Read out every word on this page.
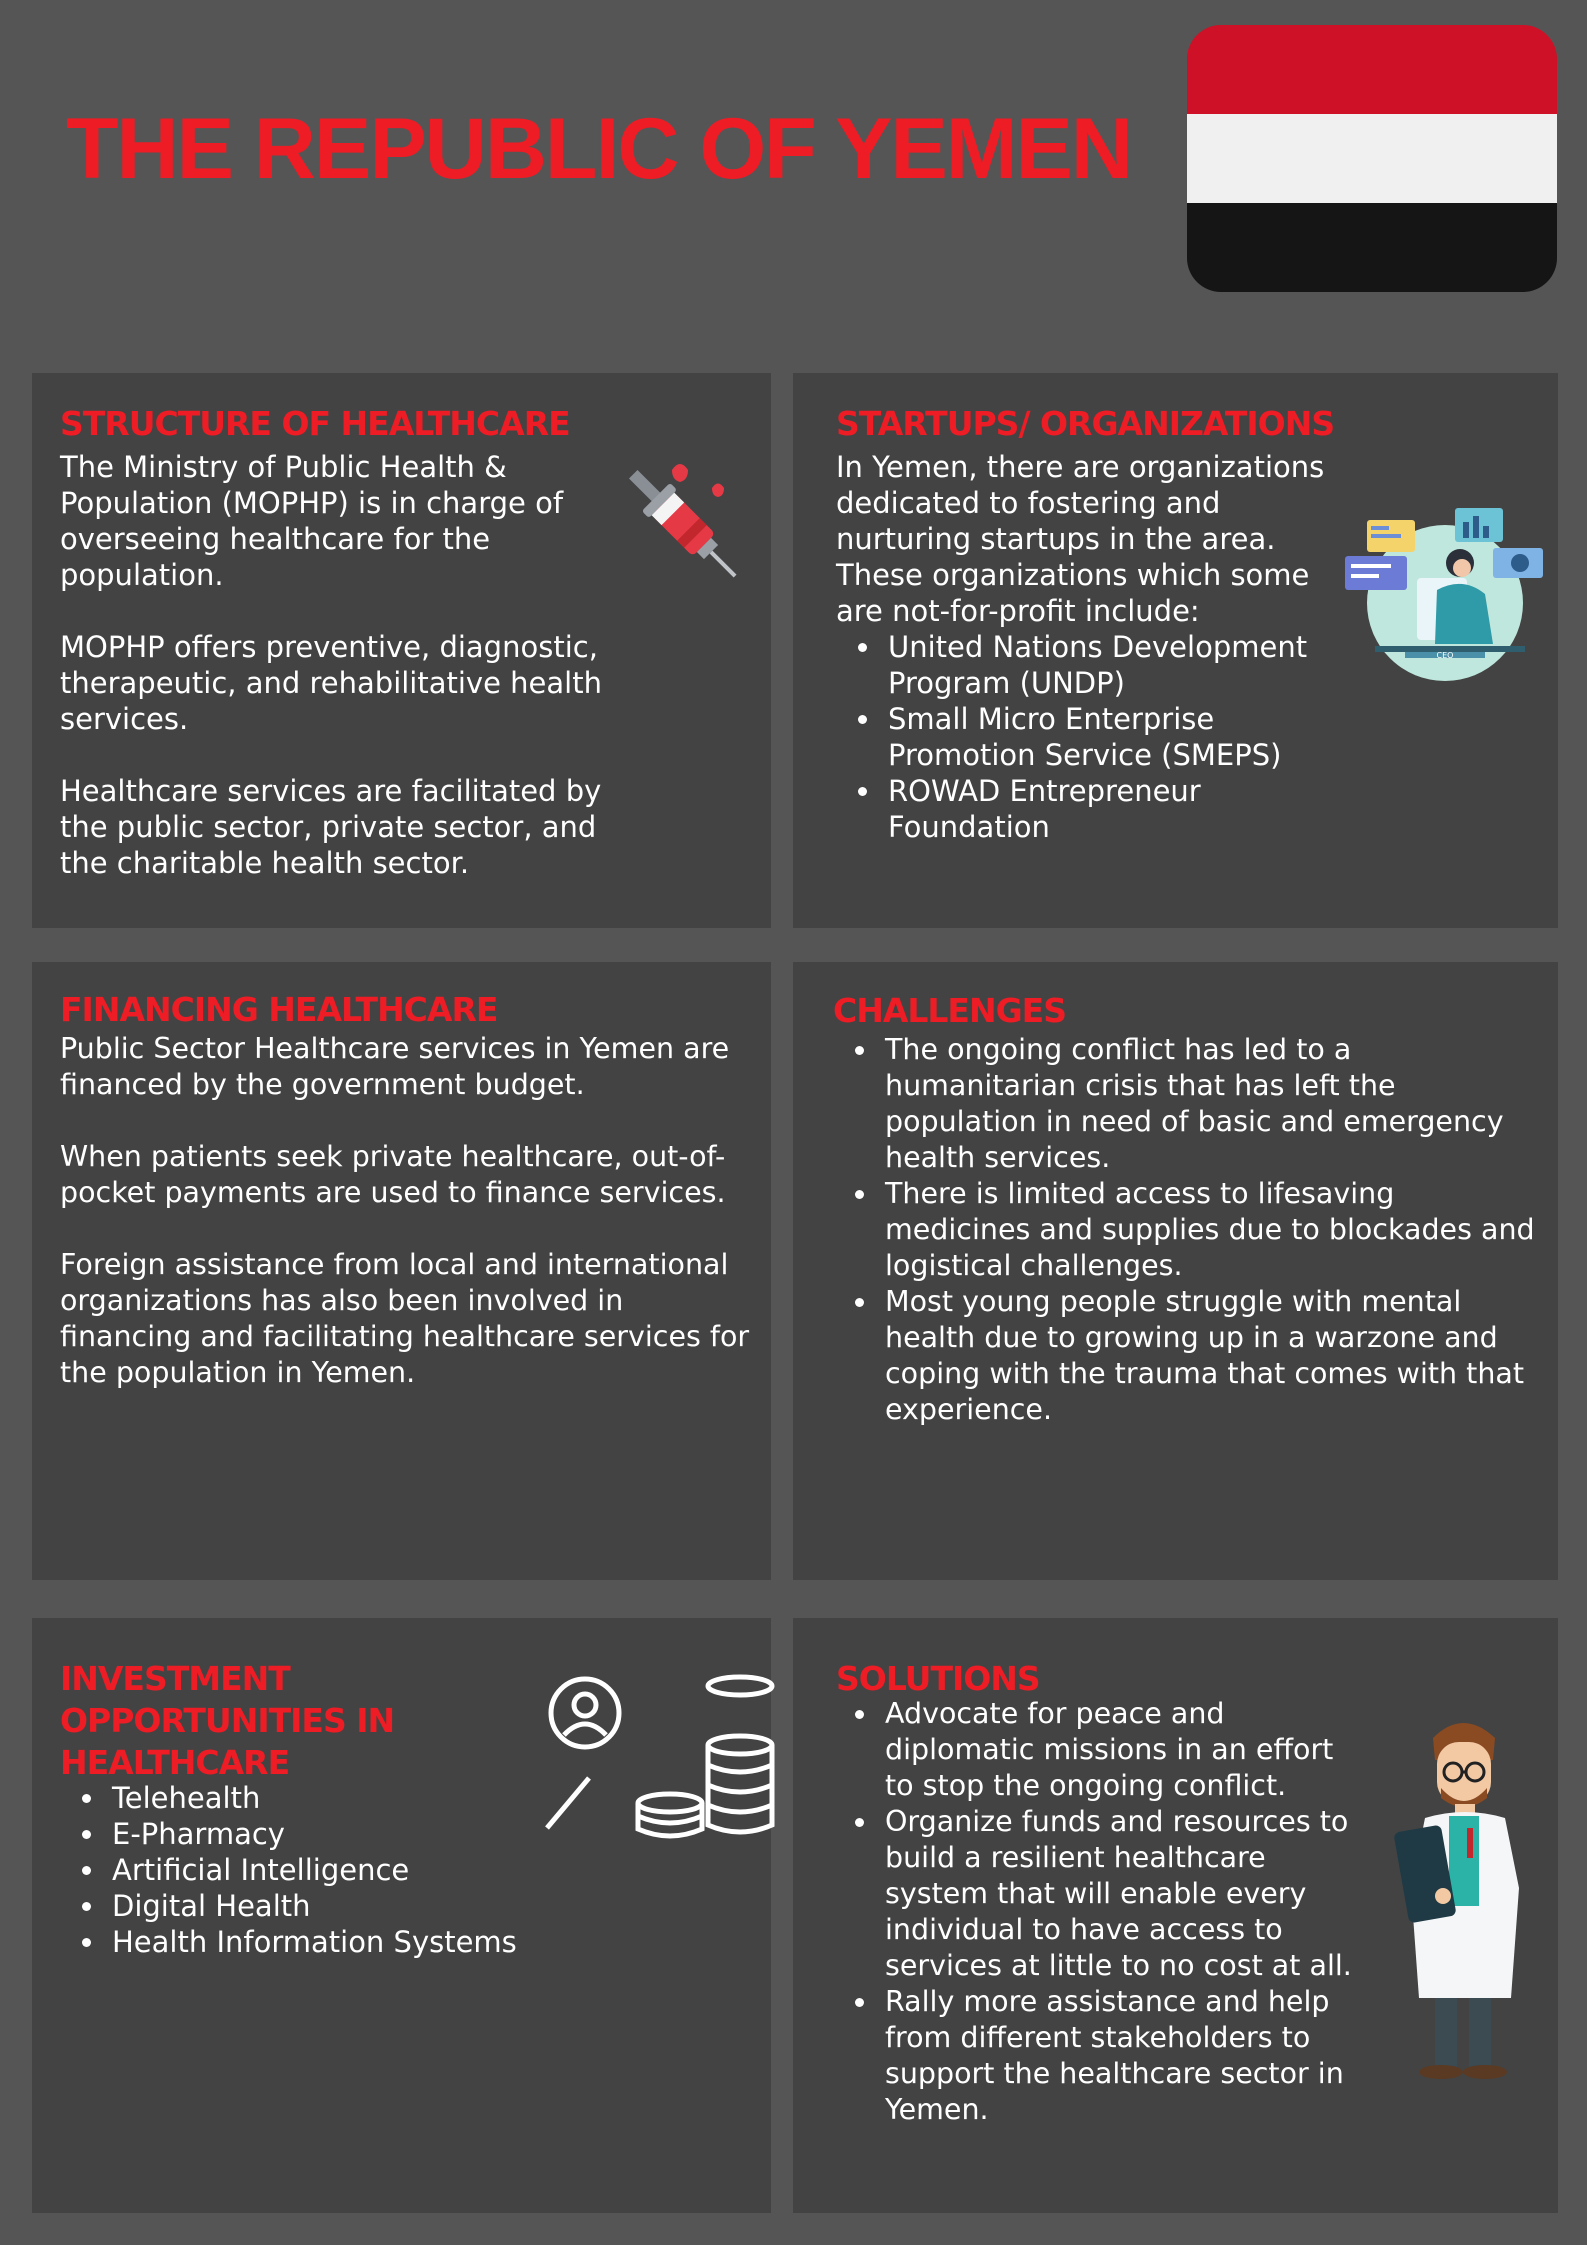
THE REPUBLIC OF YEMEN
STRUCTURE OF HEALTHCARE

The Ministry of Public Health & Population (MOPHP) is in charge of overseeing healthcare for the population.

MOPHP offers preventive, diagnostic, therapeutic, and rehabilitative health services.

Healthcare services are facilitated by the public sector, private sector, and the charitable health sector.

STARTUPS/ ORGANIZATIONS

In Yemen, there are organizations dedicated to fostering and nurturing startups in the area. These organizations which some are not-for-profit include:

United Nations Development Program (UNDP)
Small Micro Enterprise Promotion Service (SMEPS)
ROWAD Entrepreneur Foundation
CEO
FINANCING HEALTHCARE

Public Sector Healthcare services in Yemen are financed by the government budget.

When patients seek private healthcare, out-of-pocket payments are used to finance services.

Foreign assistance from local and international organizations has also been involved in financing and facilitating healthcare services for the population in Yemen.

CHALLENGES
The ongoing conflict has led to a humanitarian crisis that has left the population in need of basic and emergency health services.
There is limited access to lifesaving medicines and supplies due to blockades and logistical challenges.
Most young people struggle with mental health due to growing up in a warzone and coping with the trauma that comes with that experience.
INVESTMENT
OPPORTUNITIES IN
HEALTHCARE
Telehealth
E-Pharmacy
Artificial Intelligence
Digital Health
Health Information Systems
SOLUTIONS
Advocate for peace and diplomatic missions in an effort to stop the ongoing conflict.
Organize funds and resources to build a resilient healthcare system that will enable every individual to have access to services at little to no cost at all.
Rally more assistance and help from different stakeholders to support the healthcare sector in Yemen.
